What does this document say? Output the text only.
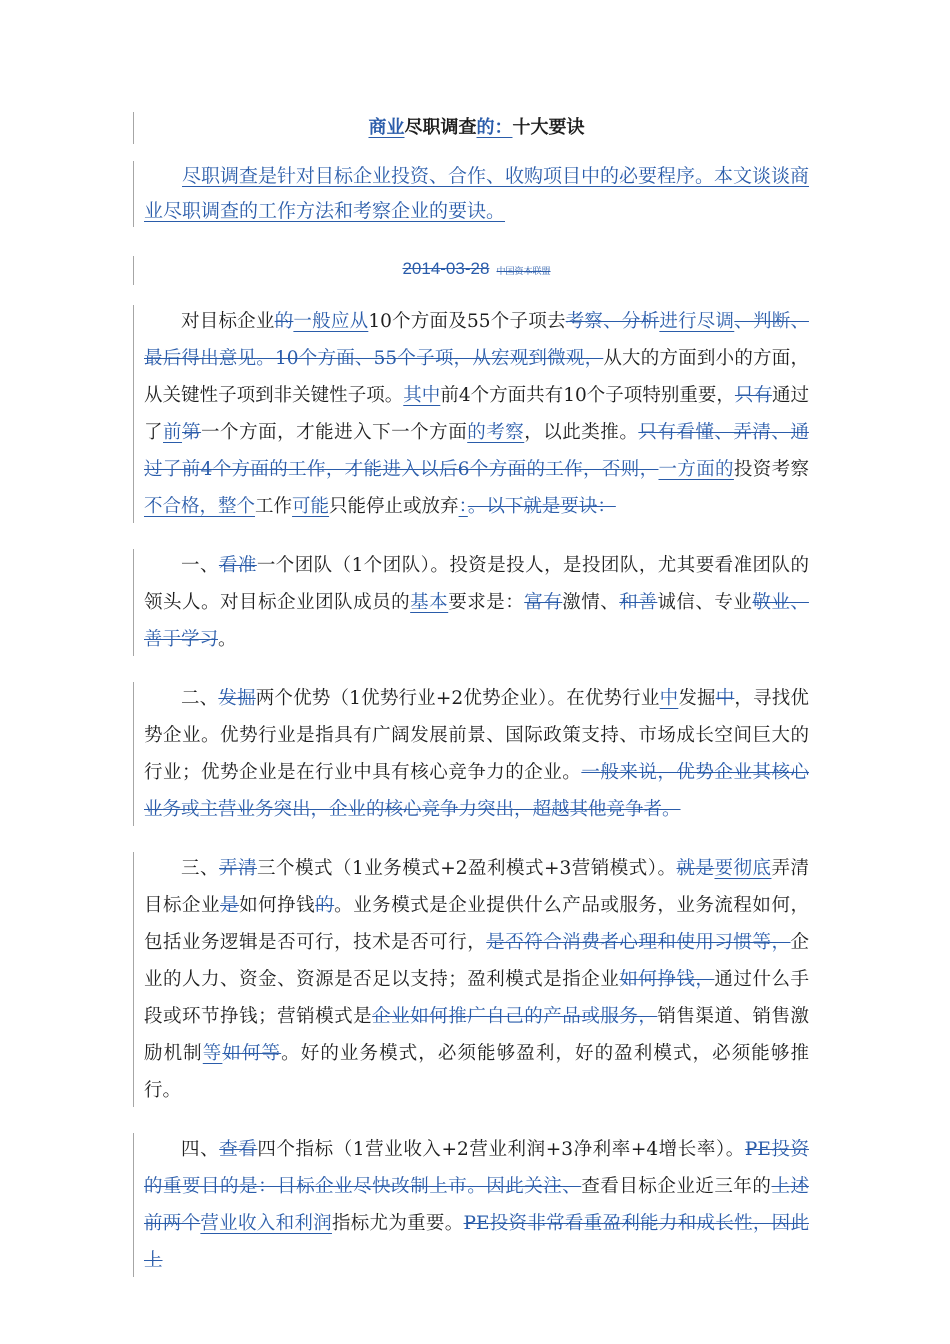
商业尽职调查的：十大要诀

尽职调查是针对目标企业投资、合作、收购项目中的必要程序。本文谈谈商业尽职调查的工作方法和考察企业的要诀。

2014-03-28 中国资本联盟

对目标企业的一般应从10个方面及55个子项去考察、分析进行尽调、判断、最后得出意见。10个方面、55个子项，从宏观到微观，从大的方面到小的方面，从关键性子项到非关键性子项。其中前4个方面共有10个子项特别重要，只有通过了前第一个方面，才能进入下一个方面的考察，以此类推。只有看懂、弄清、通过了前4个方面的工作，才能进入以后6个方面的工作，否则，一方面的投资考察不合格，整个工作可能只能停止或放弃：。以下就是要诀：

一、看准一个团队（1个团队）。投资是投人，是投团队，尤其要看准团队的领头人。对目标企业团队成员的基本要求是：富有激情、和善诚信、专业敬业、善于学习。

二、发掘两个优势（1优势行业+2优势企业）。在优势行业中发掘中，寻找优势企业。优势行业是指具有广阔发展前景、国际政策支持、市场成长空间巨大的行业；优势企业是在行业中具有核心竞争力的企业。一般来说，优势企业其核心业务或主营业务突出，企业的核心竞争力突出，超越其他竞争者。

三、弄清三个模式（1业务模式+2盈利模式+3营销模式）。就是要彻底弄清目标企业是如何挣钱的。业务模式是企业提供什么产品或服务，业务流程如何，包括业务逻辑是否可行，技术是否可行，是否符合消费者心理和使用习惯等，企业的人力、资金、资源是否足以支持；盈利模式是指企业如何挣钱，通过什么手段或环节挣钱；营销模式是企业如何推广自己的产品或服务，销售渠道、销售激励机制等如何等。好的业务模式，必须能够盈利，好的盈利模式，必须能够推行。

四、查看四个指标（1营业收入+2营业利润+3净利率+4增长率）。PE投资的重要目的是：目标企业尽快改制上市。因此关注、查看目标企业近三年的上述前两个营业收入和利润指标尤为重要。PE投资非常看重盈利能力和成长性，因此上
